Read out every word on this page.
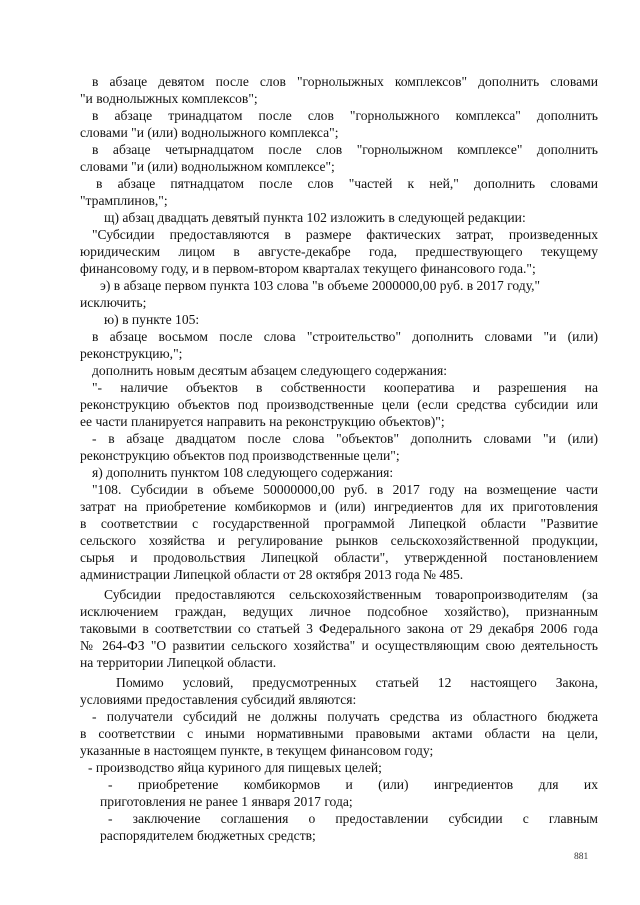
в абзаце девятом после слов "горнолыжных комплексов" дополнить словами
"и воднолыжных комплексов";
в абзаце тринадцатом после слов "горнолыжного комплекса" дополнить
словами "и (или) воднолыжного комплекса";
в абзаце четырнадцатом после слов "горнолыжном комплексе" дополнить
словами "и (или) воднолыжном комплексе";
в абзаце пятнадцатом после слов "частей к ней," дополнить словами
"трамплинов,";
щ) абзац двадцать девятый пункта 102 изложить в следующей редакции:
"Субсидии предоставляются в размере фактических затрат, произведенных
юридическим лицом в августе-декабре года, предшествующего текущему
финансовому году, и в первом-втором кварталах текущего финансового года.";
э) в абзаце первом пункта 103 слова "в объеме 2000000,00 руб. в 2017 году,"
исключить;
ю) в пункте 105:
в абзаце восьмом после слова "строительство" дополнить словами "и (или)
реконструкцию,";
дополнить новым десятым абзацем следующего содержания:
"- наличие объектов в собственности кооператива и разрешения на
реконструкцию объектов под производственные цели (если средства субсидии или
ее части планируется направить на реконструкцию объектов)";
- в абзаце двадцатом после слова "объектов" дополнить словами "и (или)
реконструкцию объектов под производственные цели";
я) дополнить пунктом 108 следующего содержания:
"108. Субсидии в объеме 50000000,00 руб. в 2017 году на возмещение части
затрат на приобретение комбикормов и (или) ингредиентов для их приготовления
в соответствии с государственной программой Липецкой области "Развитие
сельского хозяйства и регулирование рынков сельскохозяйственной продукции,
сырья и продовольствия Липецкой области", утвержденной постановлением
администрации Липецкой области от 28 октября 2013 года № 485.
Субсидии предоставляются сельскохозяйственным товаропроизводителям (за
исключением граждан, ведущих личное подсобное хозяйство), признанным
таковыми в соответствии со статьей 3 Федерального закона от 29 декабря 2006 года
№ 264-ФЗ "О развитии сельского хозяйства" и осуществляющим свою деятельность
на территории Липецкой области.
Помимо условий, предусмотренных статьей 12 настоящего Закона,
условиями предоставления субсидий являются:
- получатели субсидий не должны получать средства из областного бюджета
в соответствии с иными нормативными правовыми актами области на цели,
указанные в настоящем пункте, в текущем финансовом году;
- производство яйца куриного для пищевых целей;
- приобретение комбикормов и (или) ингредиентов для их
приготовления не ранее 1 января 2017 года;
- заключение соглашения о предоставлении субсидии с главным
распорядителем бюджетных средств;
881
